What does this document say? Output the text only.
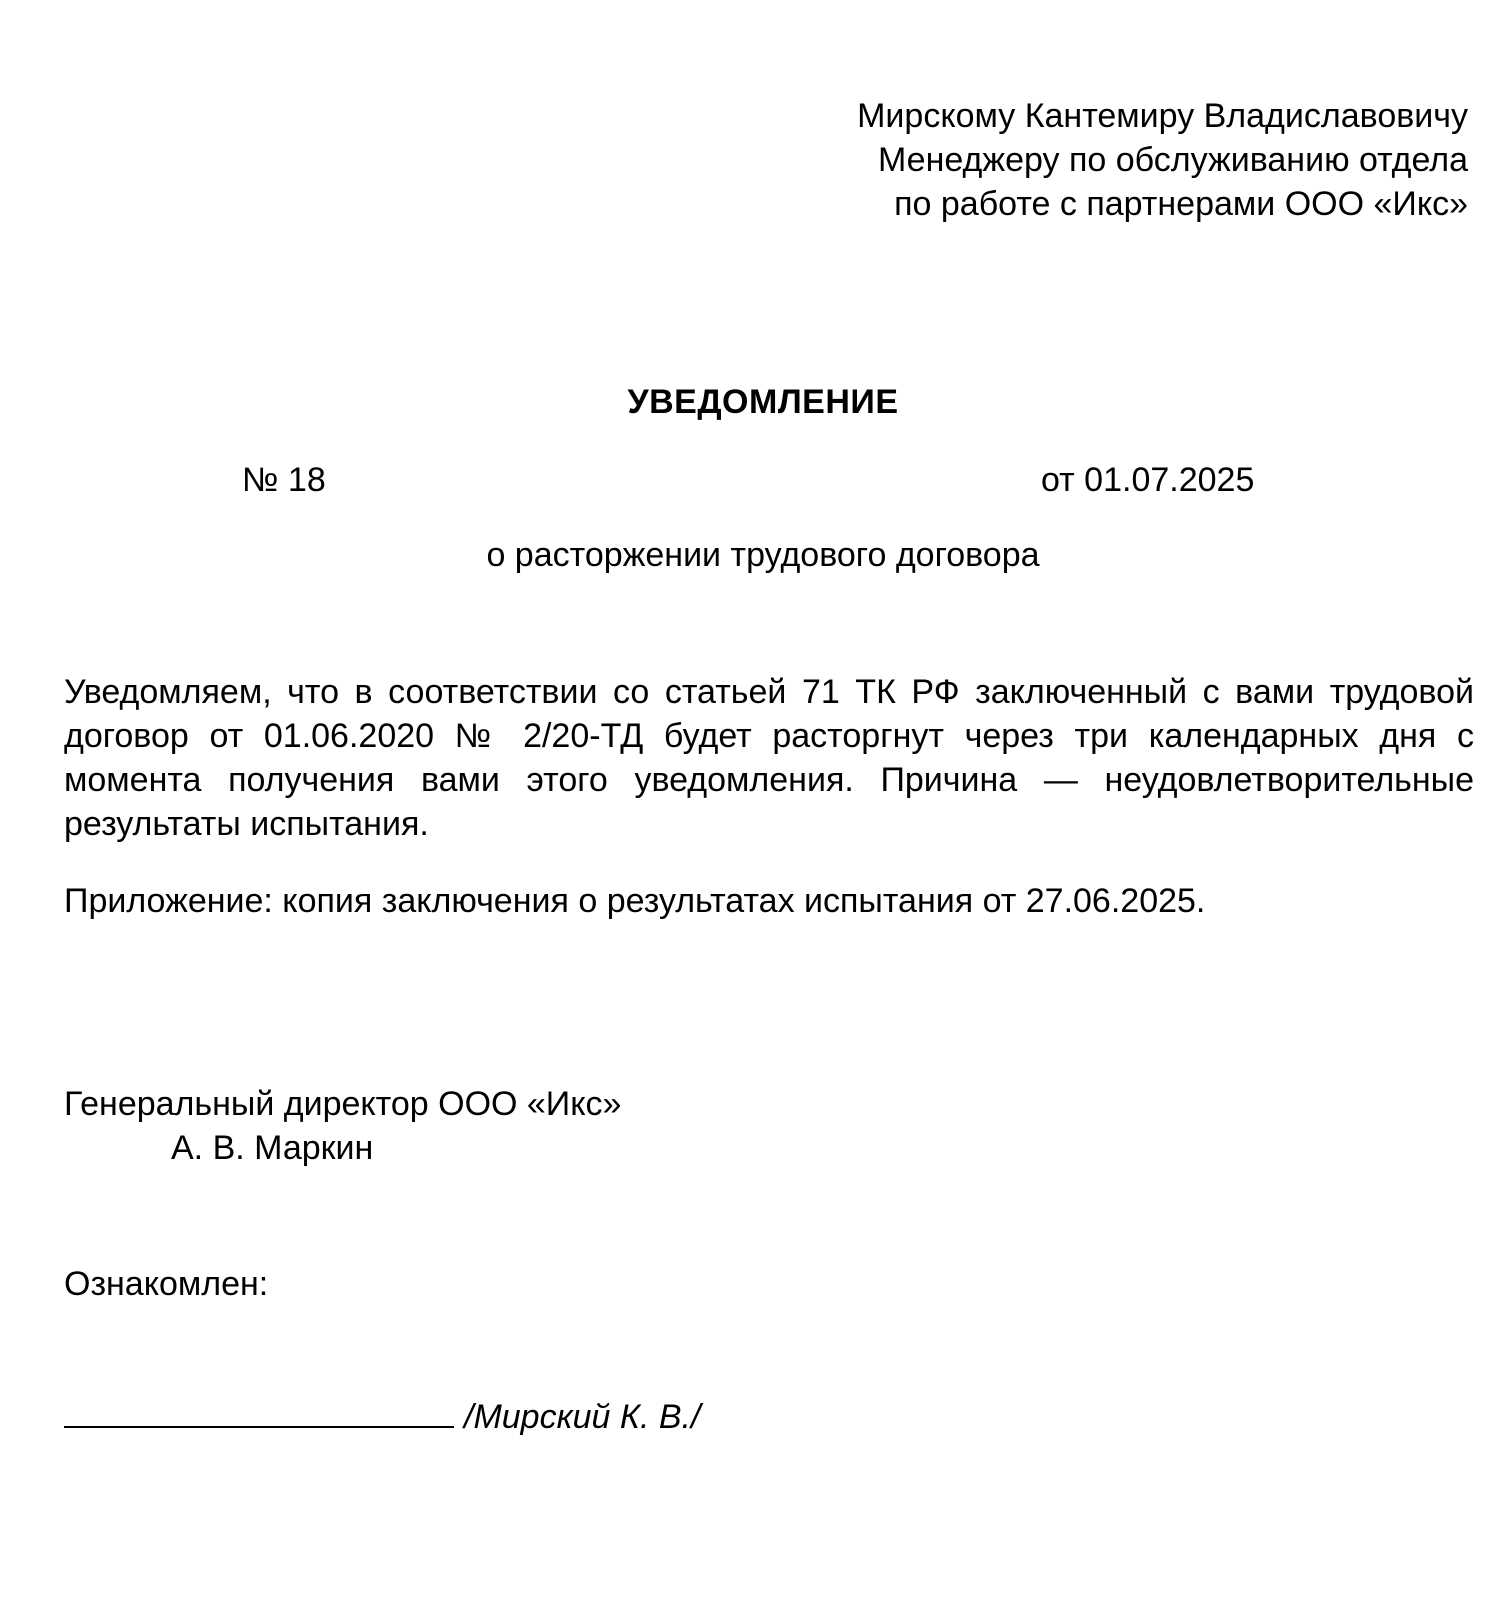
Мирскому Кантемиру Владиславовичу
Менеджеру по обслуживанию отдела
по работе с партнерами ООО «Икс»
УВЕДОМЛЕНИЕ
№ 18	от 01.07.2025
о расторжении трудового договора

Уведомляем, что в соответствии со статьей 71 ТК РФ заключенный с вами трудовой договор от 01.06.2020 № 2/20-ТД будет расторгнут через три календарных дня с момента получения вами этого уведомления. Причина — неудовлетворительные результаты испытания.

Приложение: копия заключения о результатах испытания от 27.06.2025.

Генеральный директор ООО «Икс»
А. В. Маркин
Ознакомлен:
/Мирский К. В./
